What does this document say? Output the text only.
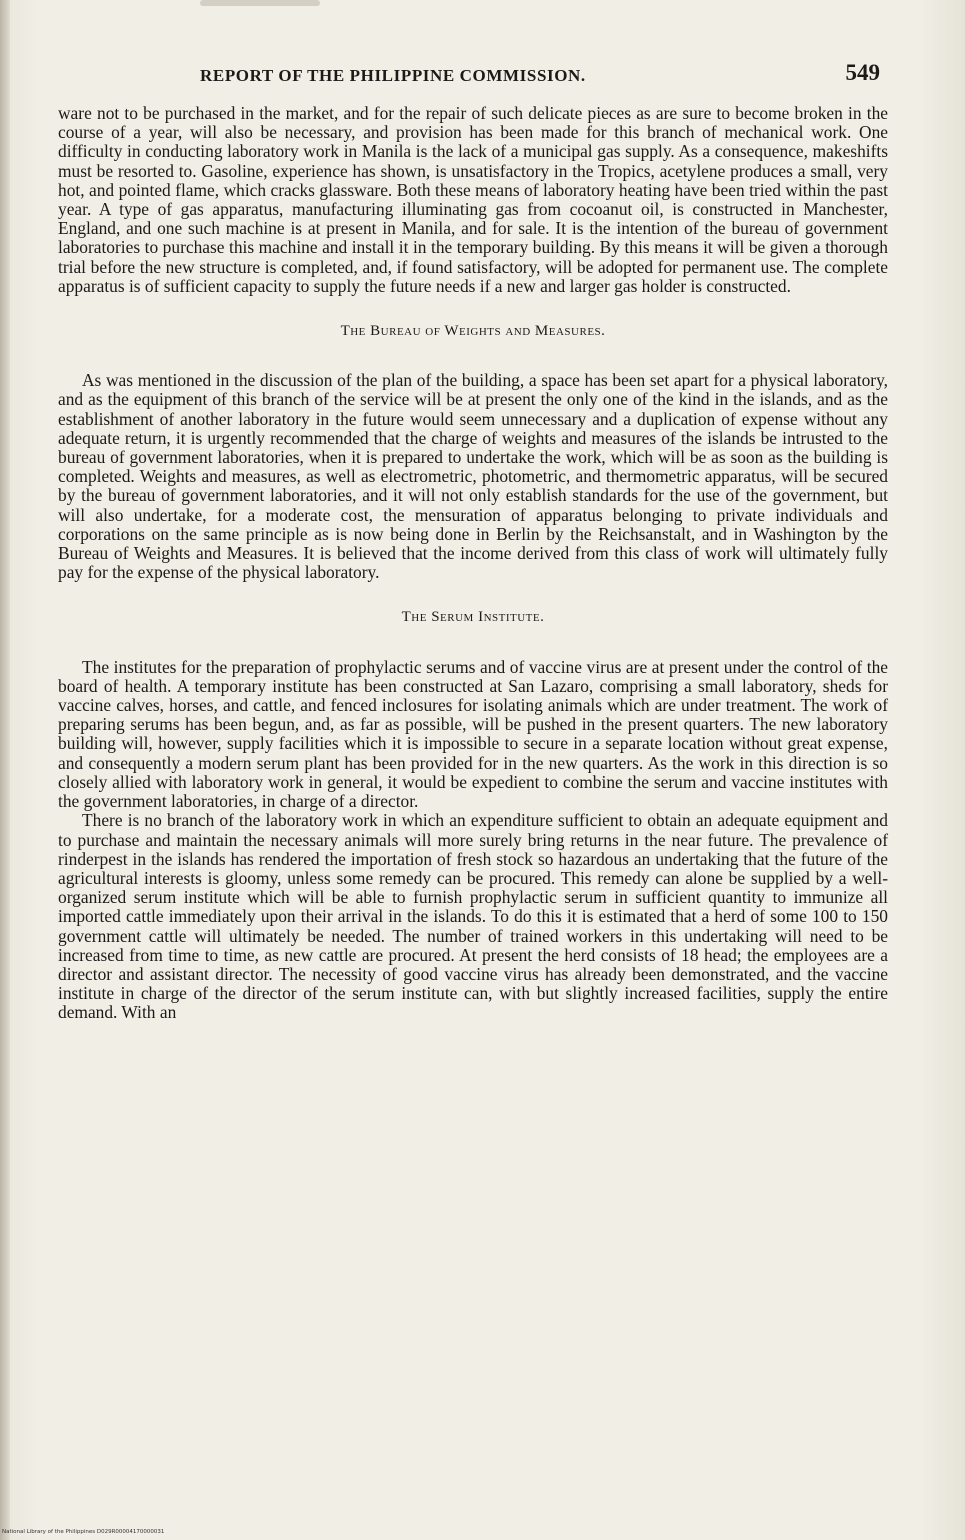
REPORT OF THE PHILIPPINE COMMISSION.	549

ware not to be purchased in the market, and for the repair of such delicate pieces as are sure to become broken in the course of a year, will also be necessary, and provision has been made for this branch of mechanical work. One difficulty in conducting laboratory work in Manila is the lack of a municipal gas supply. As a consequence, makeshifts must be resorted to. Gasoline, experience has shown, is unsatisfactory in the Tropics, acetylene produces a small, very hot, and pointed flame, which cracks glassware. Both these means of laboratory heating have been tried within the past year. A type of gas apparatus, manufacturing illuminating gas from cocoanut oil, is constructed in Manchester, England, and one such machine is at present in Manila, and for sale. It is the intention of the bureau of government laboratories to purchase this machine and install it in the temporary building. By this means it will be given a thorough trial before the new structure is completed, and, if found satisfactory, will be adopted for permanent use. The complete apparatus is of sufficient capacity to supply the future needs if a new and larger gas holder is constructed.

The Bureau of Weights and Measures.

As was mentioned in the discussion of the plan of the building, a space has been set apart for a physical laboratory, and as the equipment of this branch of the service will be at present the only one of the kind in the islands, and as the establishment of another laboratory in the future would seem unnecessary and a duplication of expense without any adequate return, it is urgently recommended that the charge of weights and measures of the islands be intrusted to the bureau of government laboratories, when it is prepared to undertake the work, which will be as soon as the building is completed. Weights and measures, as well as electrometric, photometric, and thermometric apparatus, will be secured by the bureau of government laboratories, and it will not only establish standards for the use of the government, but will also undertake, for a moderate cost, the mensuration of apparatus belonging to private individuals and corporations on the same principle as is now being done in Berlin by the Reichsanstalt, and in Washington by the Bureau of Weights and Measures. It is believed that the income derived from this class of work will ultimately fully pay for the expense of the physical laboratory.

The Serum Institute.

The institutes for the preparation of prophylactic serums and of vaccine virus are at present under the control of the board of health. A temporary institute has been constructed at San Lazaro, comprising a small laboratory, sheds for vaccine calves, horses, and cattle, and fenced inclosures for isolating animals which are under treatment. The work of preparing serums has been begun, and, as far as possible, will be pushed in the present quarters. The new laboratory building will, however, supply facilities which it is impossible to secure in a separate location without great expense, and consequently a modern serum plant has been provided for in the new quarters. As the work in this direction is so closely allied with laboratory work in general, it would be expedient to combine the serum and vaccine institutes with the government laboratories, in charge of a director.

There is no branch of the laboratory work in which an expenditure sufficient to obtain an adequate equipment and to purchase and maintain the necessary animals will more surely bring returns in the near future. The prevalence of rinderpest in the islands has rendered the importation of fresh stock so hazardous an undertaking that the future of the agricultural interests is gloomy, unless some remedy can be procured. This remedy can alone be supplied by a well-organized serum institute which will be able to furnish prophylactic serum in sufficient quantity to immunize all imported cattle immediately upon their arrival in the islands. To do this it is estimated that a herd of some 100 to 150 government cattle will ultimately be needed. The number of trained workers in this undertaking will need to be increased from time to time, as new cattle are procured. At present the herd consists of 18 head; the employees are a director and assistant director. The necessity of good vaccine virus has already been demonstrated, and the vaccine institute in charge of the director of the serum institute can, with but slightly increased facilities, supply the entire demand. With an

National Library of the Philippines D029R00004170000031
